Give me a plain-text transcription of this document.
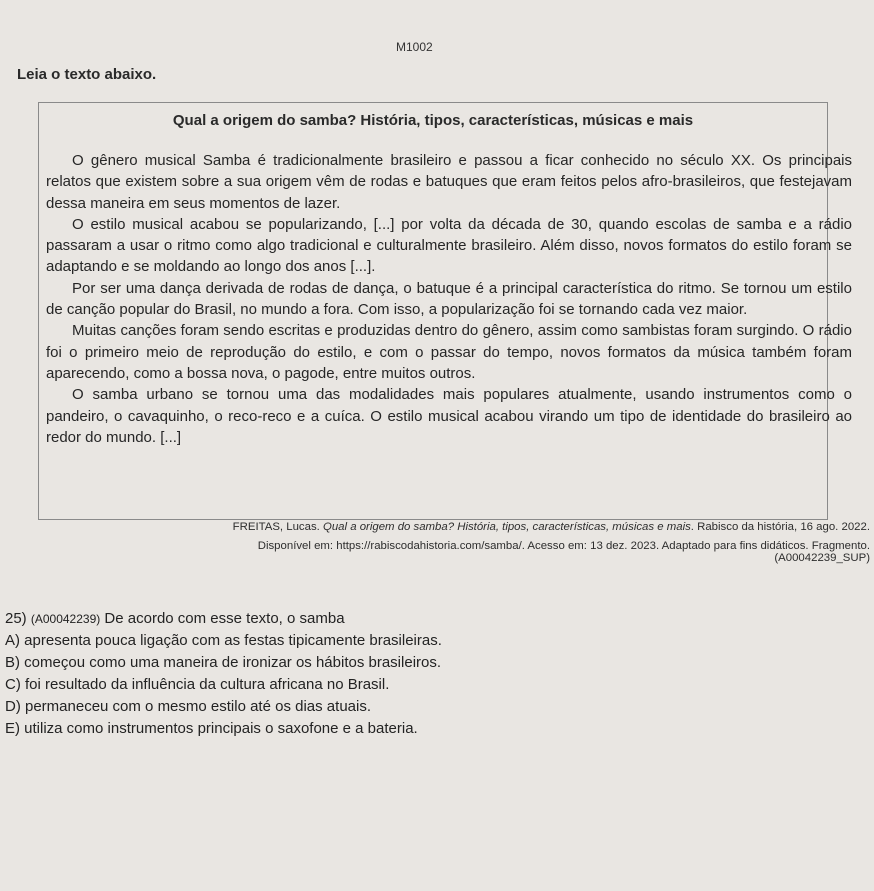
M1002
Leia o texto abaixo.
Qual a origem do samba? História, tipos, características, músicas e mais

O gênero musical Samba é tradicionalmente brasileiro e passou a ficar conhecido no século XX. Os principais relatos que existem sobre a sua origem vêm de rodas e batuques que eram feitos pelos afro-brasileiros, que festejavam dessa maneira em seus momentos de lazer.

O estilo musical acabou se popularizando, [...] por volta da década de 30, quando escolas de samba e a rádio passaram a usar o ritmo como algo tradicional e culturalmente brasileiro. Além disso, novos formatos do estilo foram se adaptando e se moldando ao longo dos anos [...].

Por ser uma dança derivada de rodas de dança, o batuque é a principal característica do ritmo. Se tornou um estilo de canção popular do Brasil, no mundo a fora. Com isso, a popularização foi se tornando cada vez maior.

Muitas canções foram sendo escritas e produzidas dentro do gênero, assim como sambistas foram surgindo. O rádio foi o primeiro meio de reprodução do estilo, e com o passar do tempo, novos formatos da música também foram aparecendo, como a bossa nova, o pagode, entre muitos outros.

O samba urbano se tornou uma das modalidades mais populares atualmente, usando instrumentos como o pandeiro, o cavaquinho, o reco-reco e a cuíca. O estilo musical acabou virando um tipo de identidade do brasileiro ao redor do mundo. [...]

FREITAS, Lucas. Qual a origem do samba? História, tipos, características, músicas e mais. Rabisco da história, 16 ago. 2022.
Disponível em: https://rabiscodahistoria.com/samba/. Acesso em: 13 dez. 2023. Adaptado para fins didáticos. Fragmento.
(A00042239_SUP)
25) (A00042239) De acordo com esse texto, o samba
A) apresenta pouca ligação com as festas tipicamente brasileiras.
B) começou como uma maneira de ironizar os hábitos brasileiros.
C) foi resultado da influência da cultura africana no Brasil.
D) permaneceu com o mesmo estilo até os dias atuais.
E) utiliza como instrumentos principais o saxofone e a bateria.
